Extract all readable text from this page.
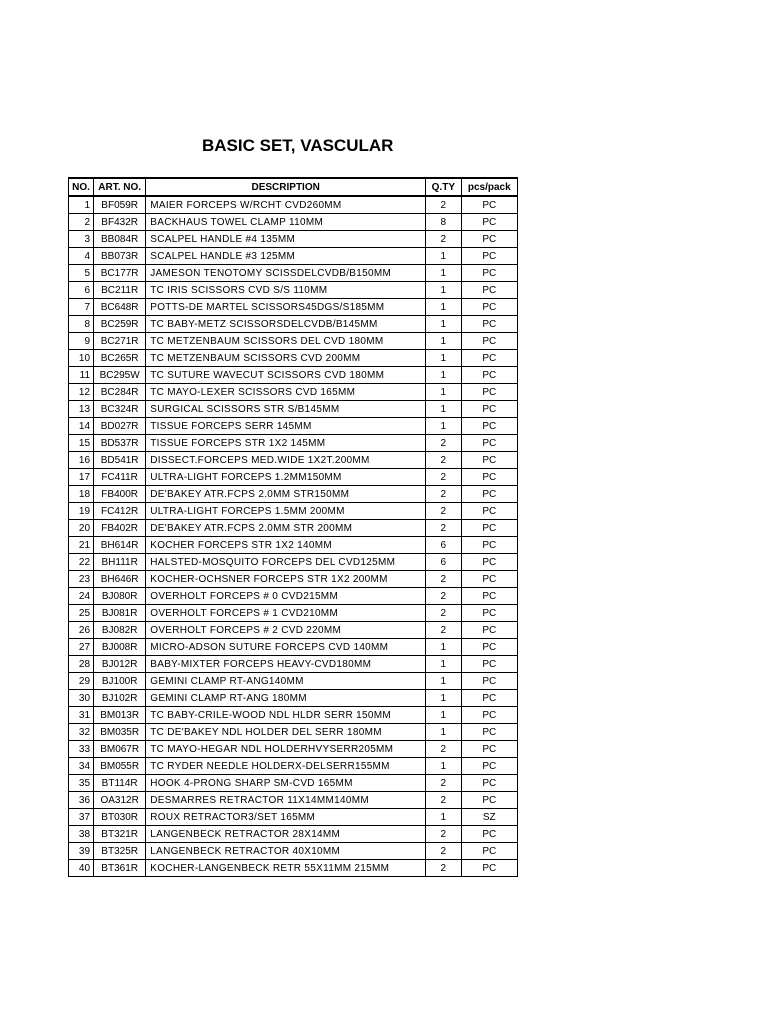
BASIC SET, VASCULAR
NO.	ART. NO.	DESCRIPTION	Q.TY	pcs/pack
1	BF059R	MAIER FORCEPS W/RCHT CVD260MM	2	PC
2	BF432R	BACKHAUS TOWEL CLAMP 110MM	8	PC
3	BB084R	SCALPEL HANDLE #4 135MM	2	PC
4	BB073R	SCALPEL HANDLE #3 125MM	1	PC
5	BC177R	JAMESON TENOTOMY SCISSDELCVDB/B150MM	1	PC
6	BC211R	TC IRIS SCISSORS CVD S/S 110MM	1	PC
7	BC648R	POTTS-DE MARTEL SCISSORS45DGS/S185MM	1	PC
8	BC259R	TC BABY-METZ SCISSORSDELCVDB/B145MM	1	PC
9	BC271R	TC METZENBAUM SCISSORS DEL CVD 180MM	1	PC
10	BC265R	TC METZENBAUM SCISSORS CVD 200MM	1	PC
11	BC295W	TC SUTURE WAVECUT SCISSORS CVD 180MM	1	PC
12	BC284R	TC MAYO-LEXER SCISSORS CVD 165MM	1	PC
13	BC324R	SURGICAL SCISSORS STR S/B145MM	1	PC
14	BD027R	TISSUE FORCEPS SERR 145MM	1	PC
15	BD537R	TISSUE FORCEPS STR 1X2 145MM	2	PC
16	BD541R	DISSECT.FORCEPS MED.WIDE 1X2T.200MM	2	PC
17	FC411R	ULTRA-LIGHT FORCEPS 1.2MM150MM	2	PC
18	FB400R	DE'BAKEY ATR.FCPS 2.0MM STR150MM	2	PC
19	FC412R	ULTRA-LIGHT FORCEPS 1.5MM 200MM	2	PC
20	FB402R	DE'BAKEY ATR.FCPS 2.0MM STR 200MM	2	PC
21	BH614R	KOCHER FORCEPS STR 1X2 140MM	6	PC
22	BH111R	HALSTED-MOSQUITO FORCEPS DEL CVD125MM	6	PC
23	BH646R	KOCHER-OCHSNER FORCEPS STR 1X2 200MM	2	PC
24	BJ080R	OVERHOLT FORCEPS # 0 CVD215MM	2	PC
25	BJ081R	OVERHOLT FORCEPS # 1 CVD210MM	2	PC
26	BJ082R	OVERHOLT FORCEPS # 2 CVD 220MM	2	PC
27	BJ008R	MICRO-ADSON SUTURE FORCEPS CVD 140MM	1	PC
28	BJ012R	BABY-MIXTER FORCEPS HEAVY-CVD180MM	1	PC
29	BJ100R	GEMINI CLAMP RT-ANG140MM	1	PC
30	BJ102R	GEMINI CLAMP RT-ANG 180MM	1	PC
31	BM013R	TC BABY-CRILE-WOOD NDL HLDR SERR 150MM	1	PC
32	BM035R	TC DE'BAKEY NDL HOLDER DEL SERR 180MM	1	PC
33	BM067R	TC MAYO-HEGAR NDL HOLDERHVYSERR205MM	2	PC
34	BM055R	TC RYDER NEEDLE HOLDERX-DELSERR155MM	1	PC
35	BT114R	HOOK 4-PRONG SHARP SM-CVD 165MM	2	PC
36	OA312R	DESMARRES RETRACTOR 11X14MM140MM	2	PC
37	BT030R	ROUX RETRACTOR3/SET 165MM	1	SZ
38	BT321R	LANGENBECK RETRACTOR 28X14MM	2	PC
39	BT325R	LANGENBECK RETRACTOR 40X10MM	2	PC
40	BT361R	KOCHER-LANGENBECK RETR 55X11MM 215MM	2	PC
